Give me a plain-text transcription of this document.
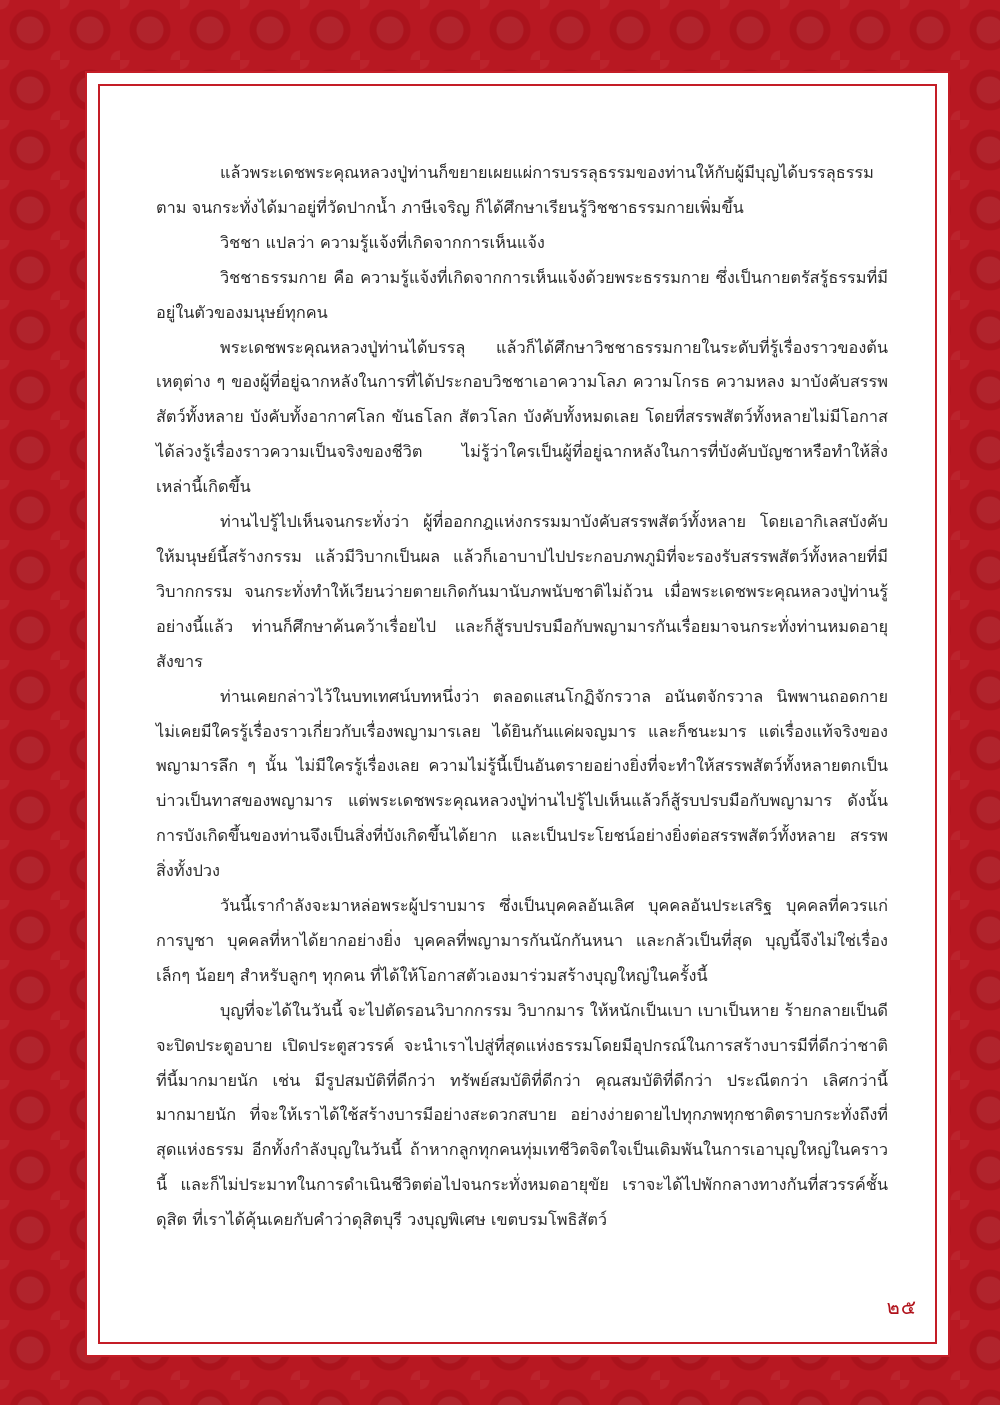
แล้วพระเดชพระคุณหลวงปู่ท่านก็ขยายเผยแผ่การบรรลุธรรมของท่านให้กับผู้มีบุญได้บรรลุธรรมตาม จนกระทั่งได้มาอยู่ที่วัดปากน้ำ ภาษีเจริญ ก็ได้ศึกษาเรียนรู้วิชชาธรรมกายเพิ่มขึ้น

วิชชา แปลว่า ความรู้แจ้งที่เกิดจากการเห็นแจ้ง

วิชชาธรรมกาย คือ ความรู้แจ้งที่เกิดจากการเห็นแจ้งด้วยพระธรรมกาย ซึ่งเป็นกายตรัสรู้ธรรมที่มีอยู่ในตัวของมนุษย์ทุกคน

พระเดชพระคุณหลวงปู่ท่านได้บรรลุ แล้วก็ได้ศึกษาวิชชาธรรมกายในระดับที่รู้เรื่องราวของต้นเหตุต่าง ๆ ของผู้ที่อยู่ฉากหลังในการที่ได้ประกอบวิชชาเอาความโลภ ความโกรธ ความหลง มาบังคับสรรพสัตว์ทั้งหลาย บังคับทั้งอากาศโลก ขันธโลก สัตวโลก บังคับทั้งหมดเลย โดยที่สรรพสัตว์ทั้งหลายไม่มีโอกาสได้ล่วงรู้เรื่องราวความเป็นจริงของชีวิต ไม่รู้ว่าใครเป็นผู้ที่อยู่ฉากหลังในการที่บังคับบัญชาหรือทำให้สิ่งเหล่านี้เกิดขึ้น

ท่านไปรู้ไปเห็นจนกระทั่งว่า ผู้ที่ออกกฎแห่งกรรมมาบังคับสรรพสัตว์ทั้งหลาย โดยเอากิเลสบังคับให้มนุษย์นี้สร้างกรรม แล้วมีวิบากเป็นผล แล้วก็เอาบาปไปประกอบภพภูมิที่จะรองรับสรรพสัตว์ทั้งหลายที่มีวิบากกรรม จนกระทั่งทำให้เวียนว่ายตายเกิดกันมานับภพนับชาติไม่ถ้วน เมื่อพระเดชพระคุณหลวงปู่ท่านรู้อย่างนี้แล้ว ท่านก็ศึกษาค้นคว้าเรื่อยไป และก็สู้รบปรบมือกับพญามารกันเรื่อยมาจนกระทั่งท่านหมดอายุสังขาร

ท่านเคยกล่าวไว้ในบทเทศน์บทหนึ่งว่า ตลอดแสนโกฏิจักรวาล อนันตจักรวาล นิพพานถอดกาย ไม่เคยมีใครรู้เรื่องราวเกี่ยวกับเรื่องพญามารเลย ได้ยินกันแค่ผจญมาร และก็ชนะมาร แต่เรื่องแท้จริงของพญามารลึก ๆ นั้น ไม่มีใครรู้เรื่องเลย ความไม่รู้นี้เป็นอันตรายอย่างยิ่งที่จะทำให้สรรพสัตว์ทั้งหลายตกเป็นบ่าวเป็นทาสของพญามาร แต่พระเดชพระคุณหลวงปู่ท่านไปรู้ไปเห็นแล้วก็สู้รบปรบมือกับพญามาร ดังนั้นการบังเกิดขึ้นของท่านจึงเป็นสิ่งที่บังเกิดขึ้นได้ยาก และเป็นประโยชน์อย่างยิ่งต่อสรรพสัตว์ทั้งหลาย สรรพสิ่งทั้งปวง

วันนี้เรากำลังจะมาหล่อพระผู้ปราบมาร ซึ่งเป็นบุคคลอันเลิศ บุคคลอันประเสริฐ บุคคลที่ควรแก่การบูชา บุคคลที่หาได้ยากอย่างยิ่ง บุคคลที่พญามารกันนักกันหนา และกลัวเป็นที่สุด บุญนี้จึงไม่ใช่เรื่องเล็กๆ น้อยๆ สำหรับลูกๆ ทุกคน ที่ได้ให้โอกาสตัวเองมาร่วมสร้างบุญใหญ่ในครั้งนี้

บุญที่จะได้ในวันนี้ จะไปตัดรอนวิบากกรรม วิบากมาร ให้หนักเป็นเบา เบาเป็นหาย ร้ายกลายเป็นดี จะปิดประตูอบาย เปิดประตูสวรรค์ จะนำเราไปสู่ที่สุดแห่งธรรมโดยมีอุปกรณ์ในการสร้างบารมีที่ดีกว่าชาติที่นี้มากมายนัก เช่น มีรูปสมบัติที่ดีกว่า ทรัพย์สมบัติที่ดีกว่า คุณสมบัติที่ดีกว่า ประณีตกว่า เลิศกว่านี้มากมายนัก ที่จะให้เราได้ใช้สร้างบารมีอย่างสะดวกสบาย อย่างง่ายดายไปทุกภพทุกชาติตราบกระทั่งถึงที่สุดแห่งธรรม อีกทั้งกำลังบุญในวันนี้ ถ้าหากลูกทุกคนทุ่มเทชีวิตจิตใจเป็นเดิมพันในการเอาบุญใหญ่ในคราวนี้ และก็ไม่ประมาทในการดำเนินชีวิตต่อไปจนกระทั่งหมดอายุขัย เราจะได้ไปพักกลางทางกันที่สวรรค์ชั้นดุสิต ที่เราได้คุ้นเคยกับคำว่าดุสิตบุรี วงบุญพิเศษ เขตบรมโพธิสัตว์

๒๕
